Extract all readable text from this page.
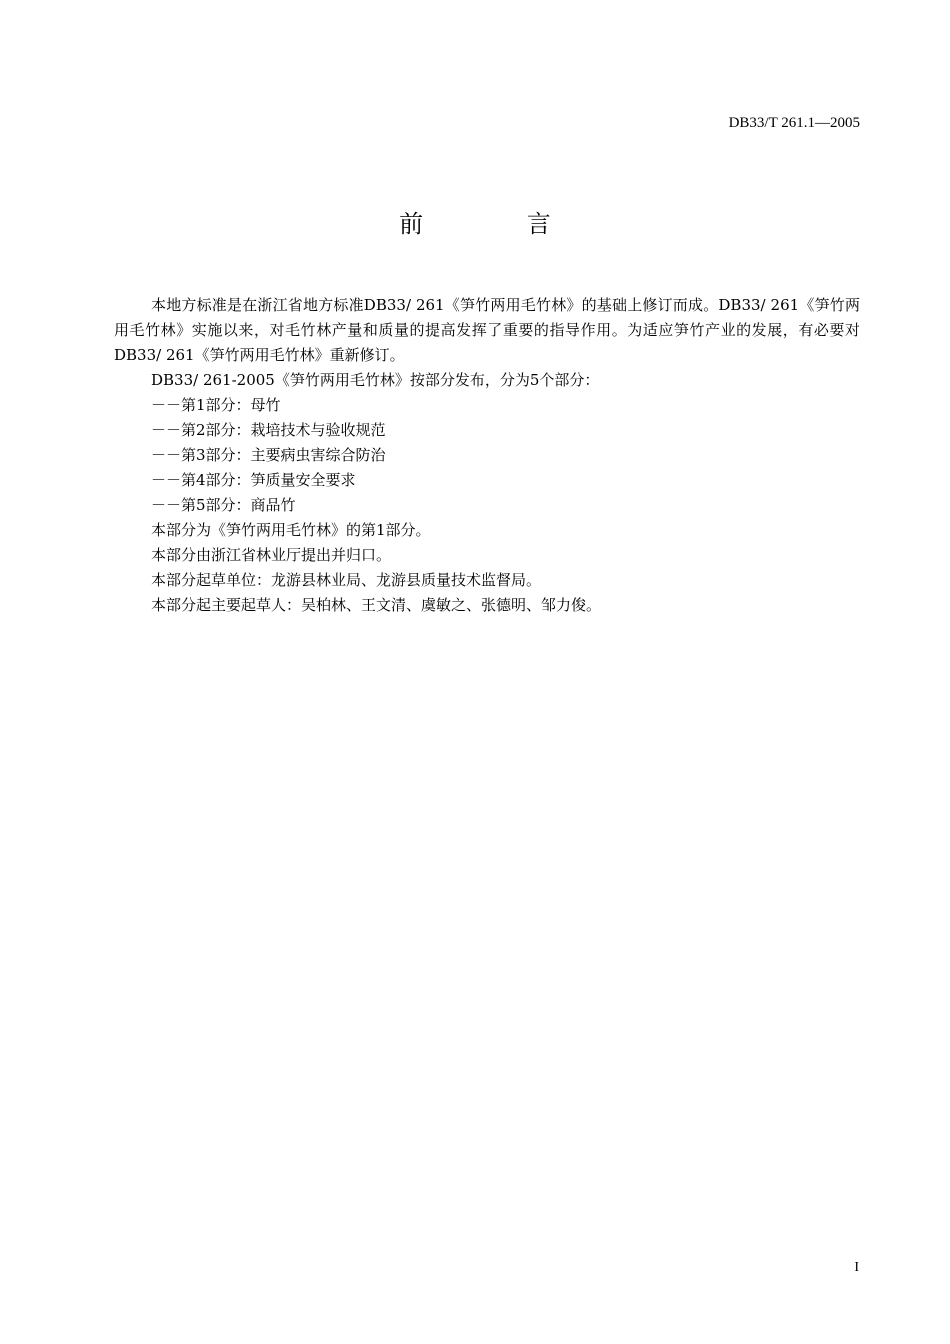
DB33/T 261.1—2005
前 言

本地方标准是在浙江省地方标准DB33/ 261《笋竹两用毛竹林》的基础上修订而成。DB33/ 261《笋竹两用毛竹林》实施以来，对毛竹林产量和质量的提高发挥了重要的指导作用。为适应笋竹产业的发展，有必要对DB33/ 261《笋竹两用毛竹林》重新修订。

DB33/ 261-2005《笋竹两用毛竹林》按部分发布，分为5个部分：

－－第1部分：母竹

－－第2部分：栽培技术与验收规范

－－第3部分：主要病虫害综合防治

－－第4部分：笋质量安全要求

－－第5部分：商品竹

本部分为《笋竹两用毛竹林》的第1部分。

本部分由浙江省林业厅提出并归口。

本部分起草单位：龙游县林业局、龙游县质量技术监督局。

本部分起主要起草人：吴柏林、王文清、虞敏之、张德明、邹力俊。

I
